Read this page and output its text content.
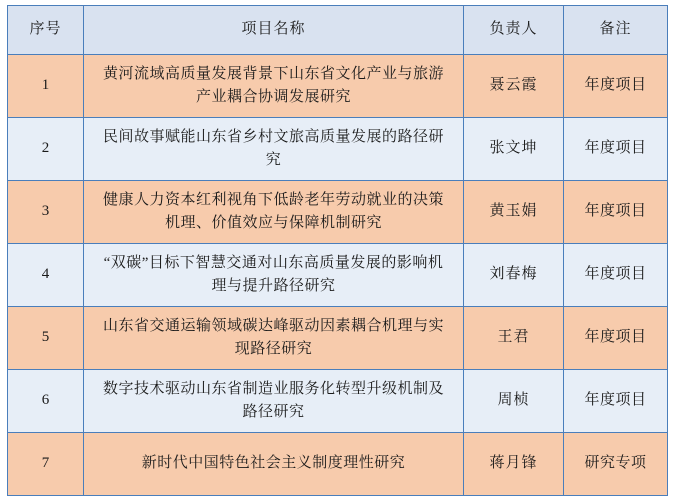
序号	项目名称	负责人	备注
1	黄河流域高质量发展背景下山东省文化产业与旅游产业耦合协调发展研究	聂云霞	年度项目
2	民间故事赋能山东省乡村文旅高质量发展的路径研究	张文坤	年度项目
3	健康人力资本红利视角下低龄老年劳动就业的决策机理、价值效应与保障机制研究	黄玉娟	年度项目
4	“双碳”目标下智慧交通对山东高质量发展的影响机理与提升路径研究	刘春梅	年度项目
5	山东省交通运输领域碳达峰驱动因素耦合机理与实现路径研究	王君	年度项目
6	数字技术驱动山东省制造业服务化转型升级机制及路径研究	周桢	年度项目
7	新时代中国特色社会主义制度理性研究	蒋月锋	研究专项
